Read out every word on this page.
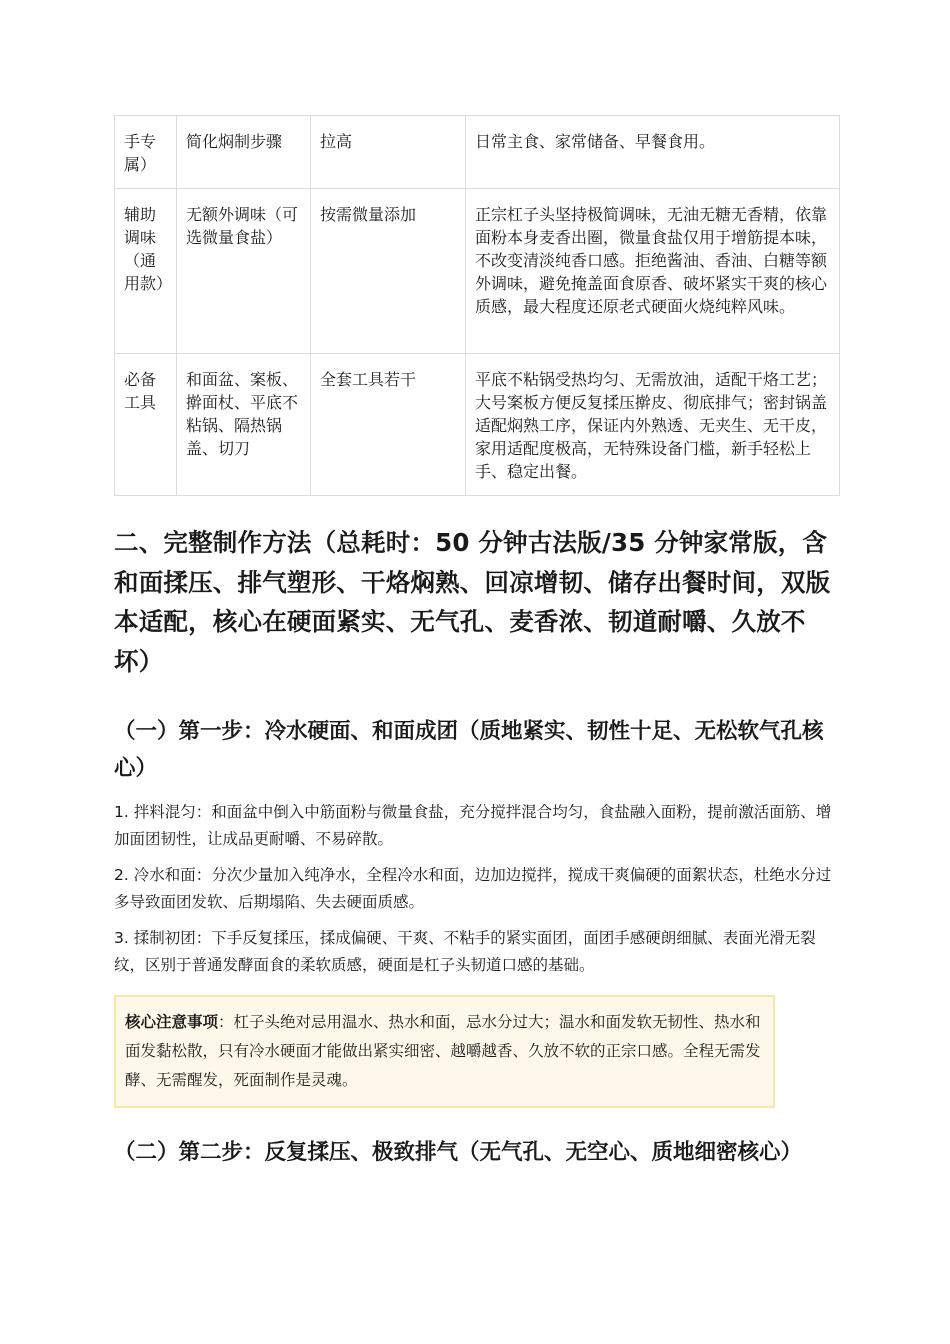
手专属）	简化焖制步骤	拉高	日常主食、家常储备、早餐食用。
辅助调味（通用款）	无额外调味（可选微量食盐）	按需微量添加	正宗杠子头坚持极简调味，无油无糖无香精，依靠面粉本身麦香出圈，微量食盐仅用于增筋提本味，不改变清淡纯香口感。拒绝酱油、香油、白糖等额外调味，避免掩盖面食原香、破坏紧实干爽的核心质感，最大程度还原老式硬面火烧纯粹风味。
必备工具	和面盆、案板、擀面杖、平底不粘锅、隔热锅盖、切刀	全套工具若干	平底不粘锅受热均匀、无需放油，适配干烙工艺；大号案板方便反复揉压擀皮、彻底排气；密封锅盖适配焖熟工序，保证内外熟透、无夹生、无干皮，家用适配度极高，无特殊设备门槛，新手轻松上手、稳定出餐。
二、完整制作方法（总耗时：50 分钟古法版/35 分钟家常版，含和面揉压、排气塑形、干烙焖熟、回凉增韧、储存出餐时间，双版本适配，核心在硬面紧实、无气孔、麦香浓、韧道耐嚼、久放不坏）
（一）第一步：冷水硬面、和面成团（质地紧实、韧性十足、无松软气孔核心）
1. 拌料混匀：和面盆中倒入中筋面粉与微量食盐，充分搅拌混合均匀，食盐融入面粉，提前激活面筋、增加面团韧性，让成品更耐嚼、不易碎散。
2. 冷水和面：分次少量加入纯净水，全程冷水和面，边加边搅拌，搅成干爽偏硬的面絮状态，杜绝水分过多导致面团发软、后期塌陷、失去硬面质感。
3. 揉制初团：下手反复揉压，揉成偏硬、干爽、不粘手的紧实面团，面团手感硬朗细腻、表面光滑无裂纹，区别于普通发酵面食的柔软质感，硬面是杠子头韧道口感的基础。
核心注意事项：杠子头绝对忌用温水、热水和面，忌水分过大；温水和面发软无韧性、热水和面发黏松散，只有冷水硬面才能做出紧实细密、越嚼越香、久放不软的正宗口感。全程无需发酵、无需醒发，死面制作是灵魂。
（二）第二步：反复揉压、极致排气（无气孔、无空心、质地细密核心）
